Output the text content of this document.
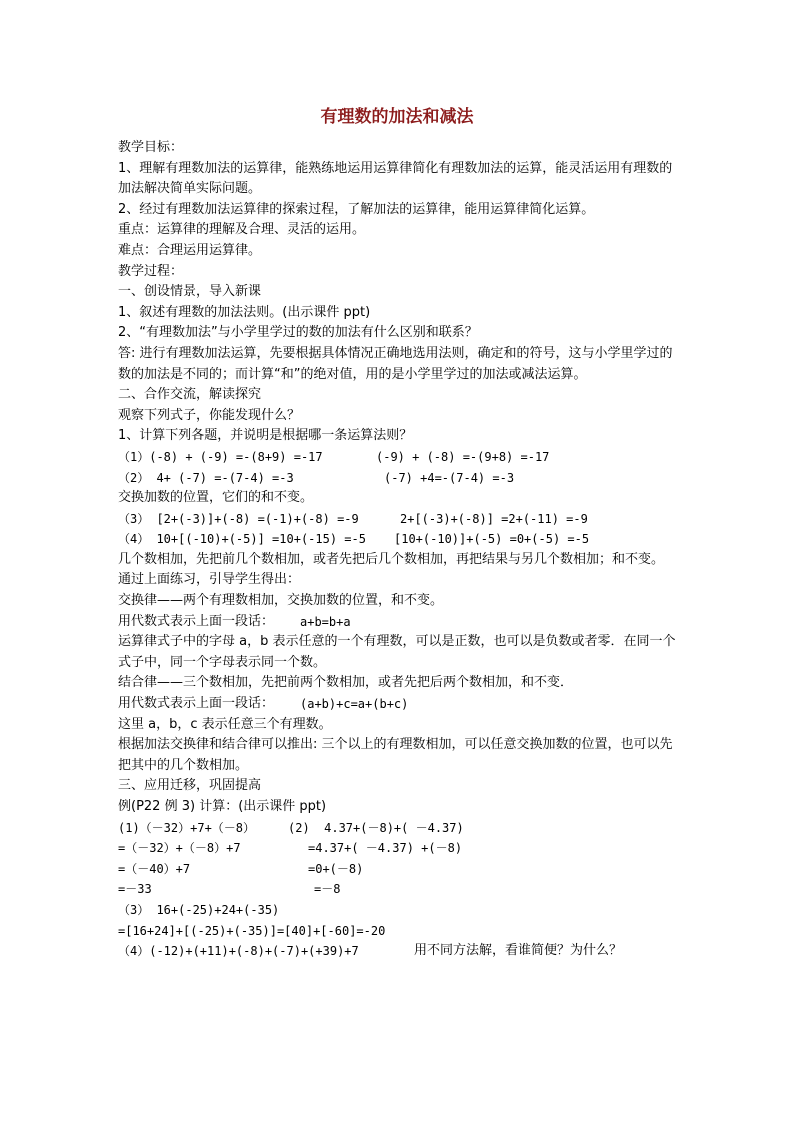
有理数的加法和减法

教学目标：

1、理解有理数加法的运算律，能熟练地运用运算律简化有理数加法的运算，能灵活运用有理数的加法解决简单实际问题。

2、经过有理数加法运算律的探索过程，了解加法的运算律，能用运算律简化运算。

重点：运算律的理解及合理、灵活的运用。

难点：合理运用运算律。

教学过程：

一、创设情景，导入新课

1、叙述有理数的加法法则。(出示课件 ppt)

2、“有理数加法”与小学里学过的数的加法有什么区别和联系？

答: 进行有理数加法运算，先要根据具体情况正确地选用法则，确定和的符号，这与小学里学过的数的加法是不同的；而计算“和”的绝对值，用的是小学里学过的加法或减法运算。

二、合作交流，解读探究

观察下列式子，你能发现什么？

1、计算下列各题，并说明是根据哪一条运算法则？

（1）(-8) + (-9) =-(8+9) =-17

	(-9) + (-8) =-(9+8) =-17

（2） 4+ (-7) =-(7-4) =-3

	(-7) +4=-(7-4) =-3

交换加数的位置，它们的和不变。

（3） [2+(-3)]+(-8) =(-1)+(-8) =-9

	2+[(-3)+(-8)] =2+(-11) =-9

（4） 10+[(-10)+(-5)] =10+(-15) =-5

[10+(-10)]+(-5) =0+(-5) =-5

几个数相加，先把前几个数相加，或者先把后几个数相加，再把结果与另几个数相加；和不变。

通过上面练习，引导学生得出：

交换律——两个有理数相加，交换加数的位置，和不变。

用代数式表示上面一段话：

a+b=b+a

运算律式子中的字母 a，b 表示任意的一个有理数，可以是正数，也可以是负数或者零．在同一个式子中，同一个字母表示同一个数。

结合律——三个数相加，先把前两个数相加，或者先把后两个数相加，和不变．

用代数式表示上面一段话：

(a+b)+c=a+(b+c)

这里 a，b，c 表示任意三个有理数。

根据加法交换律和结合律可以推出: 三个以上的有理数相加，可以任意交换加数的位置，也可以先把其中的几个数相加。

三、应用迁移，巩固提高

例(P22 例 3) 计算：(出示课件 ppt)

(1)（－32）+7+（－8）

	(2)  4.37+(－8)+( －4.37)

=（－32）+（－8）+7

	=4.37+( －4.37) +(－8)

=（－40）+7

	=0+(－8)

=－33

	=－8

（3） 16+(-25)+24+(-35)

=[16+24]+[(-25)+(-35)]=[40]+[-60]=-20

（4）(-12)+(+11)+(-8)+(-7)+(+39)+7

	用不同方法解，看谁简便？为什么？
